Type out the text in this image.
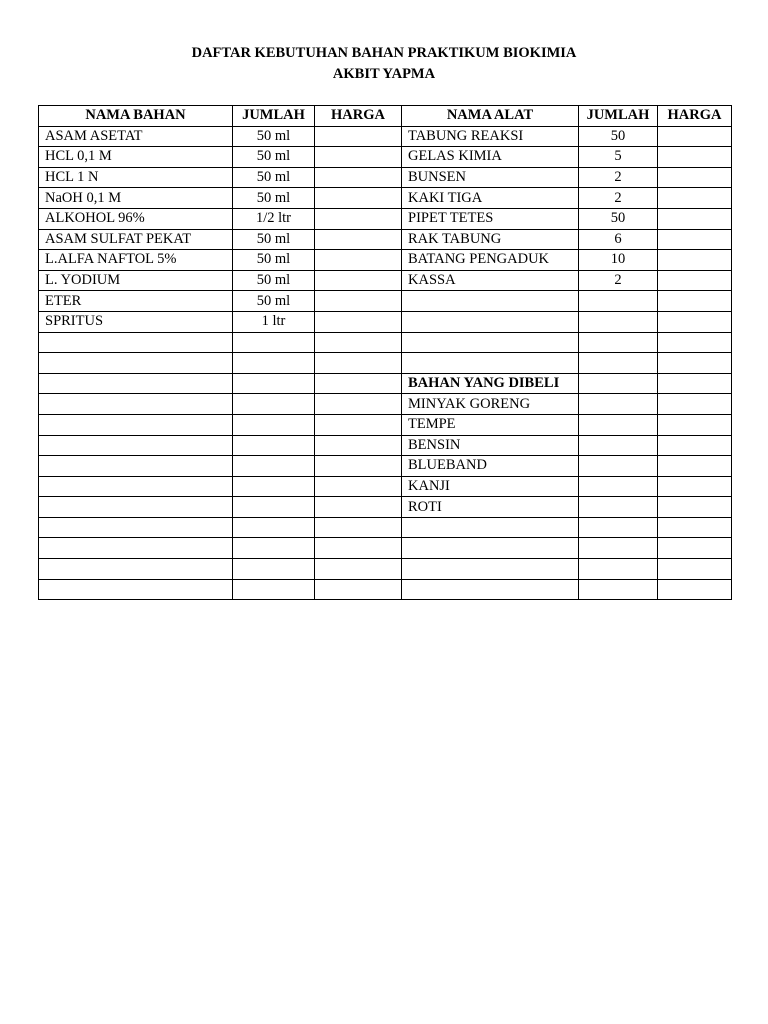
DAFTAR KEBUTUHAN BAHAN PRAKTIKUM BIOKIMIA
AKBIT YAPMA
NAMA BAHAN	JUMLAH	HARGA	NAMA ALAT	JUMLAH	HARGA
ASAM ASETAT	50 ml		TABUNG REAKSI	50	
HCL 0,1 M	50 ml		GELAS KIMIA	5	
HCL 1 N	50 ml		BUNSEN	2	
NaOH 0,1 M	50 ml		KAKI TIGA	2	
ALKOHOL 96%	1/2 ltr		PIPET TETES	50	
ASAM SULFAT PEKAT	50 ml		RAK TABUNG	6	
L.ALFA NAFTOL 5%	50 ml		BATANG PENGADUK	10	
L. YODIUM	50 ml		KASSA	2	
ETER	50 ml				
SPRITUS	1 ltr				

			BAHAN YANG DIBELI		
			MINYAK GORENG		
			TEMPE		
			BENSIN		
			BLUEBAND		
			KANJI		
			ROTI		
